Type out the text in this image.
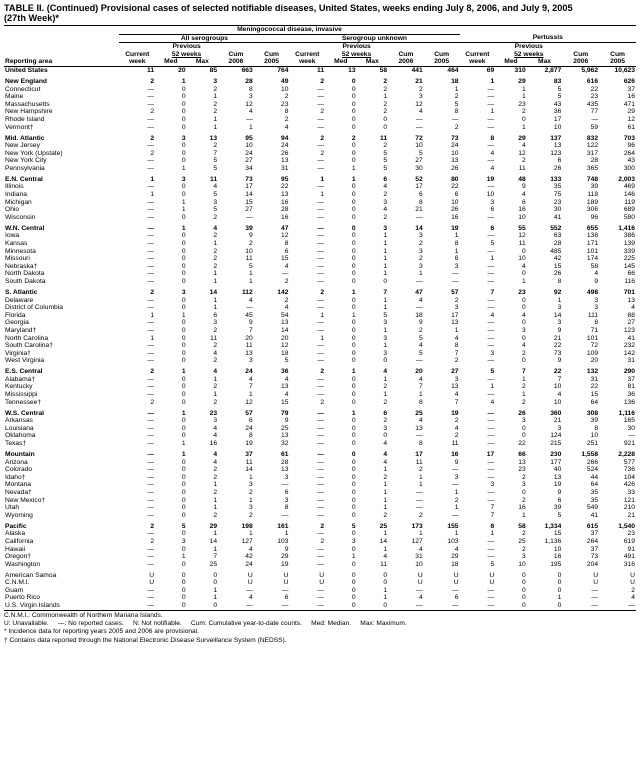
TABLE II. (Continued) Provisional cases of selected notifiable diseases, United States, weeks ending July 8, 2006, and July 9, 2005
(27th Week)*
	Meningococcal disease, invasive														
	All serogroups					Serogroup unknown					Pertussis				
		Previous					Previous					Previous			
	Current	52 weeks		Cum	Cum	Current	52 weeks		Cum	Cum	Current	52 weeks		Cum	Cum
Reporting area	week	Med	Max	2006	2005	week	Med	Max	2006	2005	week	Med	Max	2006	2005
United States	11	20	85	663	764	11	13	58	441	464	69	310	2,877	5,962	10,623

New England	2	1	3	28	49	2	0	2	21	18	1	29	83	616	626
Connecticut	—	0	2	8	10	—	0	2	2	1	—	1	5	22	37
Maine	—	0	1	3	2	—	0	1	3	2	—	1	5	23	16
Massachusetts	—	0	2	12	23	—	0	2	12	5	—	23	43	435	471
New Hampshire	2	0	2	4	8	2	0	2	4	8	1	2	36	77	29
Rhode Island	—	0	1	—	2	—	0	0	—	—	—	0	17	—	12
Vermont†	—	0	1	1	4	—	0	0	—	2	—	1	10	59	61

Mid. Atlantic	2	3	13	95	94	2	2	11	72	73	8	29	137	832	703
New Jersey	—	0	2	10	24	—	0	2	10	24	—	4	13	122	96
New York (Upstate)	2	0	7	24	26	2	0	5	5	10	4	12	123	317	264
New York City	—	0	5	27	13	—	0	5	27	13	—	2	6	28	43
Pennsylvania	—	1	5	34	31	—	1	5	30	26	4	11	26	365	300

E.N. Central	1	3	11	73	95	1	1	6	52	80	19	48	133	748	2,003
Illinois	—	0	4	17	22	—	0	4	17	22	—	9	35	39	469
Indiana	1	0	5	14	13	1	0	2	6	6	10	4	75	118	146
Michigan	—	1	3	15	16	—	0	3	8	10	3	6	23	189	119
Ohio	—	1	5	27	28	—	0	4	21	26	6	16	30	306	689
Wisconsin	—	0	2	—	16	—	0	2	—	16	—	10	41	96	580

W.N. Central	—	1	4	39	47	—	0	3	14	19	6	55	552	655	1,416
Iowa	—	0	2	9	12	—	0	1	3	1	—	12	63	138	386
Kansas	—	0	1	2	8	—	0	1	2	8	5	11	28	171	139
Minnesota	—	0	2	10	6	—	0	1	3	1	—	0	485	101	339
Missouri	—	0	2	11	15	—	0	1	2	6	1	10	42	174	225
Nebraska†	—	0	2	5	4	—	0	1	3	3	—	4	15	58	145
North Dakota	—	0	1	1	—	—	0	1	1	—	—	0	26	4	66
South Dakota	—	0	1	1	2	—	0	0	—	—	—	1	8	9	116

S. Atlantic	2	3	14	112	142	2	1	7	47	57	7	23	92	498	701
Delaware	—	0	1	4	2	—	0	1	4	2	—	0	1	3	13
District of Columbia	—	0	1	—	4	—	0	1	—	3	—	0	3	3	4
Florida	1	1	6	45	54	1	1	5	18	17	4	4	14	111	88
Georgia	—	0	3	9	13	—	0	3	9	13	—	0	3	8	27
Maryland†	—	0	2	7	14	—	0	1	2	1	—	3	9	71	123
North Carolina	1	0	11	20	20	1	0	3	5	4	—	0	21	101	41
South Carolina†	—	0	2	11	12	—	0	1	4	8	—	4	22	72	232
Virginia†	—	0	4	13	18	—	0	3	5	7	3	2	73	109	142
West Virginia	—	0	2	3	5	—	0	0	—	2	—	0	9	20	31

E.S. Central	2	1	4	24	36	2	1	4	20	27	5	7	22	132	290
Alabama†	—	0	1	4	4	—	0	1	4	3	—	1	7	31	37
Kentucky	—	0	2	7	13	—	0	2	7	13	1	2	10	22	81
Mississippi	—	0	1	1	4	—	0	1	1	4	—	1	4	15	36
Tennessee†	2	0	2	12	15	2	0	2	8	7	4	2	10	64	136

W.S. Central	—	1	23	57	79	—	1	6	25	19	—	26	360	308	1,116
Arkansas	—	0	3	6	9	—	0	2	4	2	—	3	21	39	165
Louisiana	—	0	4	24	25	—	0	3	13	4	—	0	3	8	30
Oklahoma	—	0	4	8	13	—	0	0	—	2	—	0	124	10	—
Texas†	—	1	16	19	32	—	0	4	8	11	—	22	215	251	921

Mountain	—	1	4	37	61	—	0	4	17	16	17	66	230	1,558	2,228
Arizona	—	0	4	11	28	—	0	4	11	9	—	13	177	266	577
Colorado	—	0	2	14	13	—	0	1	2	—	—	23	40	524	736
Idaho†	—	0	2	1	3	—	0	2	1	3	—	2	13	44	104
Montana	—	0	1	3	—	—	0	1	1	—	3	3	19	64	426
Nevada†	—	0	2	2	6	—	0	1	—	1	—	0	9	35	33
New Mexico†	—	0	1	1	3	—	0	1	—	2	—	2	6	35	121
Utah	—	0	1	3	8	—	0	1	—	1	7	16	39	549	210
Wyoming	—	0	2	2	—	—	0	2	2	—	7	1	5	41	21

Pacific	2	5	29	198	161	2	5	25	173	155	6	58	1,334	615	1,540
Alaska	—	0	1	1	1	—	0	1	1	1	1	2	15	37	23
California	2	3	14	127	103	2	3	14	127	103	—	25	1,136	264	619
Hawaii	—	0	1	4	9	—	0	1	4	4	—	2	10	37	91
Oregon†	—	1	7	42	29	—	1	4	31	29	—	3	16	73	491
Washington	—	0	25	24	19	—	0	11	10	18	5	10	195	204	316

American Samoa	U	0	0	U	U	U	0	0	U	U	U	0	0	U	U
C.N.M.I.	U	0	0	U	U	U	0	0	U	U	U	0	0	U	U
Guam	—	0	1	—	—	—	0	1	—	—	—	0	0	—	2
Puerto Rico	—	0	1	4	6	—	0	1	4	6	—	0	1	—	4
U.S. Virgin Islands	—	0	0	—	—	—	0	0	—	—	—	0	0	—	—
C.N.M.I.: Commonwealth of Northern Mariana Islands.
U: Unavailable.     —: No reported cases.     N: Not notifiable.     Cum: Cumulative year-to-date counts.     Med: Median.     Max: Maximum.
* Incidence data for reporting years 2005 and 2006 are provisional.
† Contains data reported through the National Electronic Disease Surveillance System (NEDSS).
